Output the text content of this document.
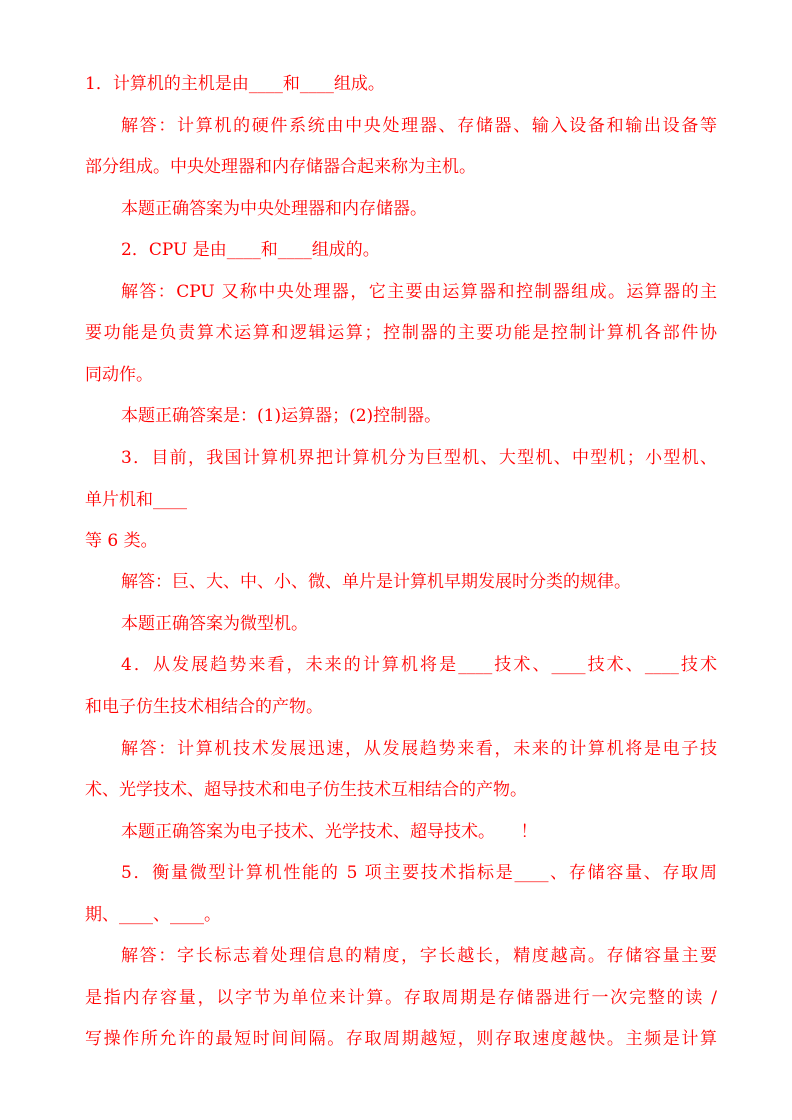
1．计算机的主机是由____和____组成。
解答：计算机的硬件系统由中央处理器、存储器、输入设备和输出设备等
部分组成。中央处理器和内存储器合起来称为主机。
本题正确答案为中央处理器和内存储器。
2．CPU 是由____和____组成的。
解答：CPU 又称中央处理器，它主要由运算器和控制器组成。运算器的主
要功能是负责算术运算和逻辑运算；控制器的主要功能是控制计算机各部件协
同动作。
本题正确答案是：(1)运算器；(2)控制器。
3．目前，我国计算机界把计算机分为巨型机、大型机、中型机；小型机、
单片机和____
等 6 类。
解答：巨、大、中、小、微、单片是计算机早期发展时分类的规律。
本题正确答案为微型机。
4．从发展趋势来看，未来的计算机将是____技术、____技术、____技术
和电子仿生技术相结合的产物。
解答：计算机技术发展迅速，从发展趋势来看，未来的计算机将是电子技
术、光学技术、超导技术和电子仿生技术互相结合的产物。
本题正确答案为电子技术、光学技术、超导技术。　　！
5．衡量微型计算机性能的 5 项主要技术指标是____、存储容量、存取周
期、____、____。
解答：字长标志着处理信息的精度，字长越长，精度越高。存储容量主要
是指内存容量，以字节为单位来计算。存取周期是存储器进行一次完整的读 /
写操作所允许的最短时间间隔。存取周期越短，则存取速度越快。主频是计算
